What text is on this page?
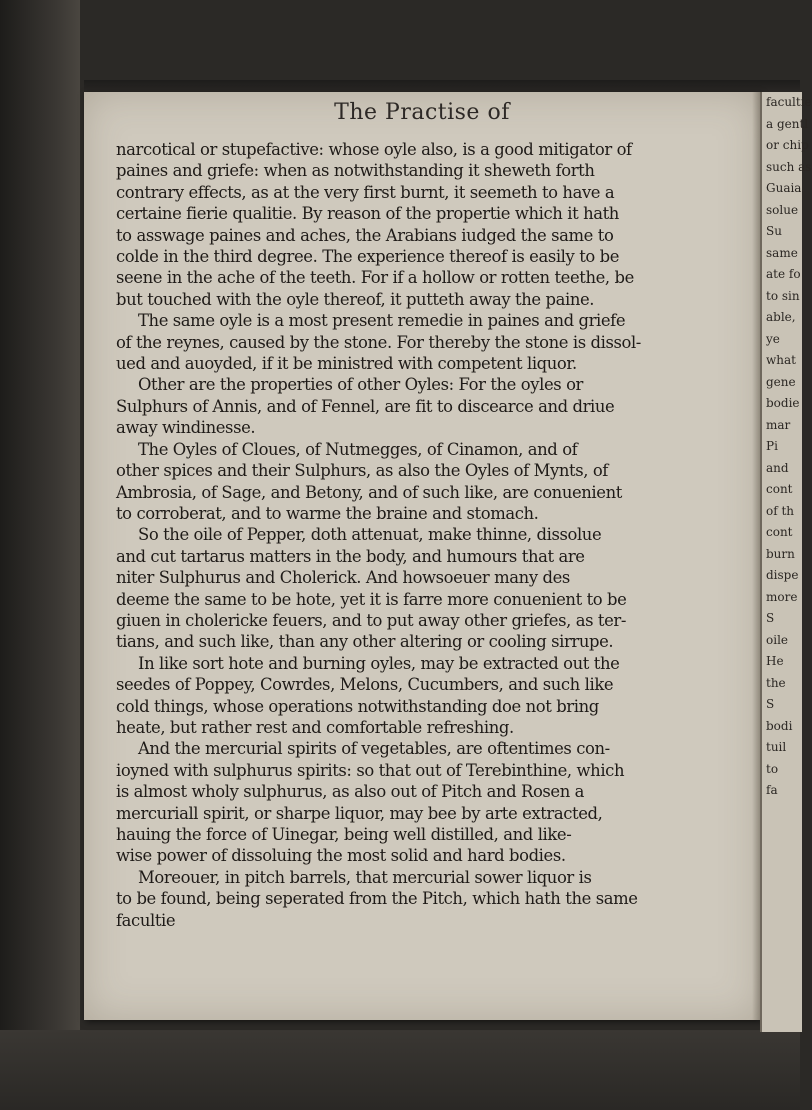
facultie
a gentl
or chip
such as
Guaia
solue
Su
same
ate fo
to sin
able,
ye
what
gene
bodie
mar
Pi
and
cont
of th
cont
burn
dispe
more
S
oile
He
the
S
bodi
tuil
to
fa
The Practise of
narcotical or stupefactive: whose oyle also, is a good mitigator of
paines and griefe: when as notwithstanding it sheweth forth
contrary effects, as at the very first burnt, it seemeth to have a
certaine fierie qualitie. By reason of the propertie which it hath
to asswage paines and aches, the Arabians iudged the same to
colde in the third degree. The experience thereof is easily to be
seene in the ache of the teeth. For if a hollow or rotten teethe, be
but touched with the oyle thereof, it putteth away the paine.
The same oyle is a most present remedie in paines and griefe
of the reynes, caused by the stone. For thereby the stone is dissol-
ued and auoyded, if it be ministred with competent liquor.
Other are the properties of other Oyles: For the oyles or
Sulphurs of Annis, and of Fennel, are fit to discearce and driue
away windinesse.
The Oyles of Cloues, of Nutmegges, of Cinamon, and of
other spices and their Sulphurs, as also the Oyles of Mynts, of
Ambrosia, of Sage, and Betony, and of such like, are conuenient
to corroberat, and to warme the braine and stomach.
So the oile of Pepper, doth attenuat, make thinne, dissolue
and cut tartarus matters in the body, and humours that are
niter Sulphurus and Cholerick. And howsoeuer many des
deeme the same to be hote, yet it is farre more conuenient to be
giuen in cholericke feuers, and to put away other griefes, as ter-
tians, and such like, than any other altering or cooling sirrupe.
In like sort hote and burning oyles, may be extracted out the
seedes of Poppey, Cowrdes, Melons, Cucumbers, and such like
cold things, whose operations notwithstanding doe not bring
heate, but rather rest and comfortable refreshing.
And the mercurial spirits of vegetables, are oftentimes con-
ioyned with sulphurus spirits: so that out of Terebinthine, which
is almost wholy sulphurus, as also out of Pitch and Rosen a
mercuriall spirit, or sharpe liquor, may bee by arte extracted,
hauing the force of Uinegar, being well distilled, and like-
wise power of dissoluing the most solid and hard bodies.
Moreouer, in pitch barrels, that mercurial sower liquor is
to be found, being seperated from the Pitch, which hath the same
facultie
